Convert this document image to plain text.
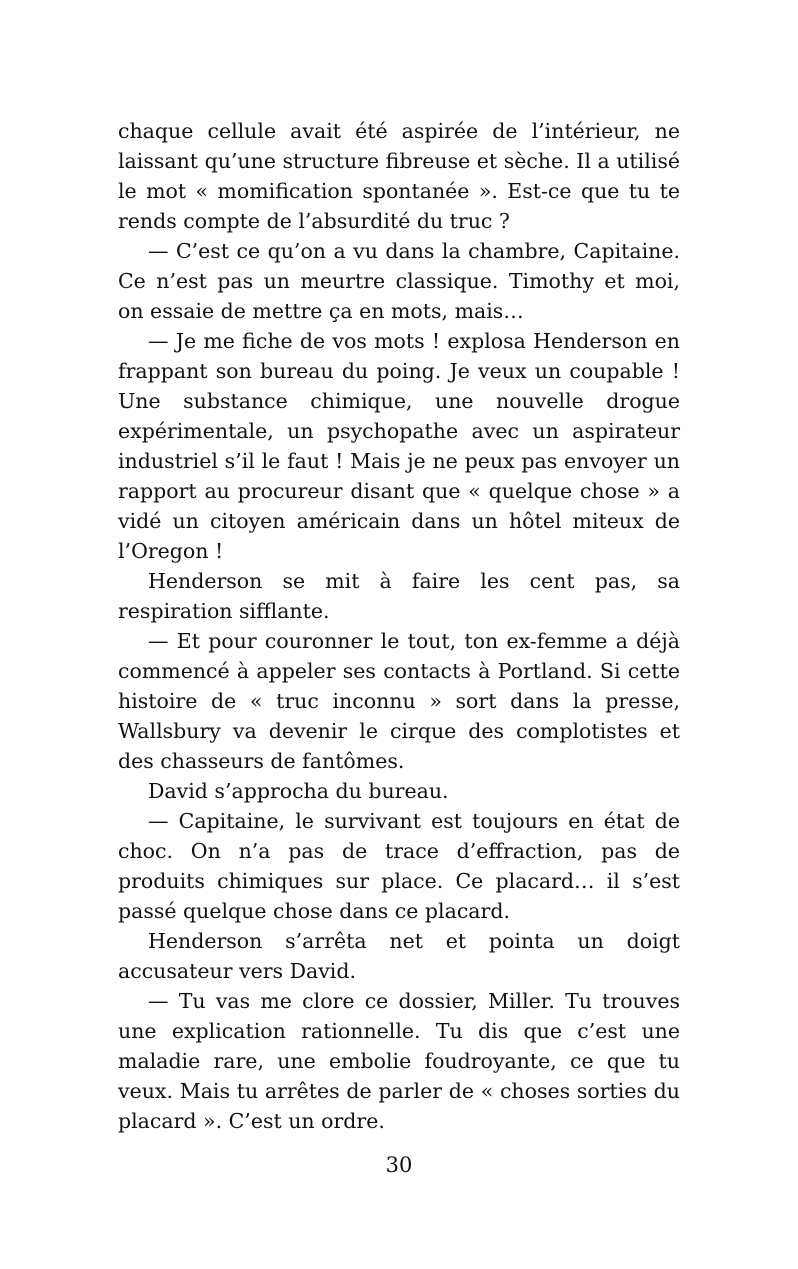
chaque cellule avait été aspirée de l’intérieur, ne laissant qu’une structure fibreuse et sèche. Il a utilisé le mot « momification spontanée ». Est-ce que tu te rends compte de l’absurdité du truc ?

— C’est ce qu’on a vu dans la chambre, Capitaine. Ce n’est pas un meurtre classique. Timothy et moi, on essaie de mettre ça en mots, mais…

— Je me fiche de vos mots ! explosa Henderson en frappant son bureau du poing. Je veux un coupable ! Une substance chimique, une nouvelle drogue expérimentale, un psychopathe avec un aspirateur industriel s’il le faut ! Mais je ne peux pas envoyer un rapport au procureur disant que « quelque chose » a vidé un citoyen américain dans un hôtel miteux de l’Oregon !

Henderson se mit à faire les cent pas, sa respiration sifflante.

— Et pour couronner le tout, ton ex-femme a déjà commencé à appeler ses contacts à Portland. Si cette histoire de « truc inconnu » sort dans la presse, Wallsbury va devenir le cirque des complotistes et des chasseurs de fantômes.

David s’approcha du bureau.

— Capitaine, le survivant est toujours en état de choc. On n’a pas de trace d’effraction, pas de produits chimiques sur place. Ce placard… il s’est passé quelque chose dans ce placard.

Henderson s’arrêta net et pointa un doigt accusateur vers David.

— Tu vas me clore ce dossier, Miller. Tu trouves une explication rationnelle. Tu dis que c’est une maladie rare, une embolie foudroyante, ce que tu veux. Mais tu arrêtes de parler de « choses sorties du placard ». C’est un ordre.

30
